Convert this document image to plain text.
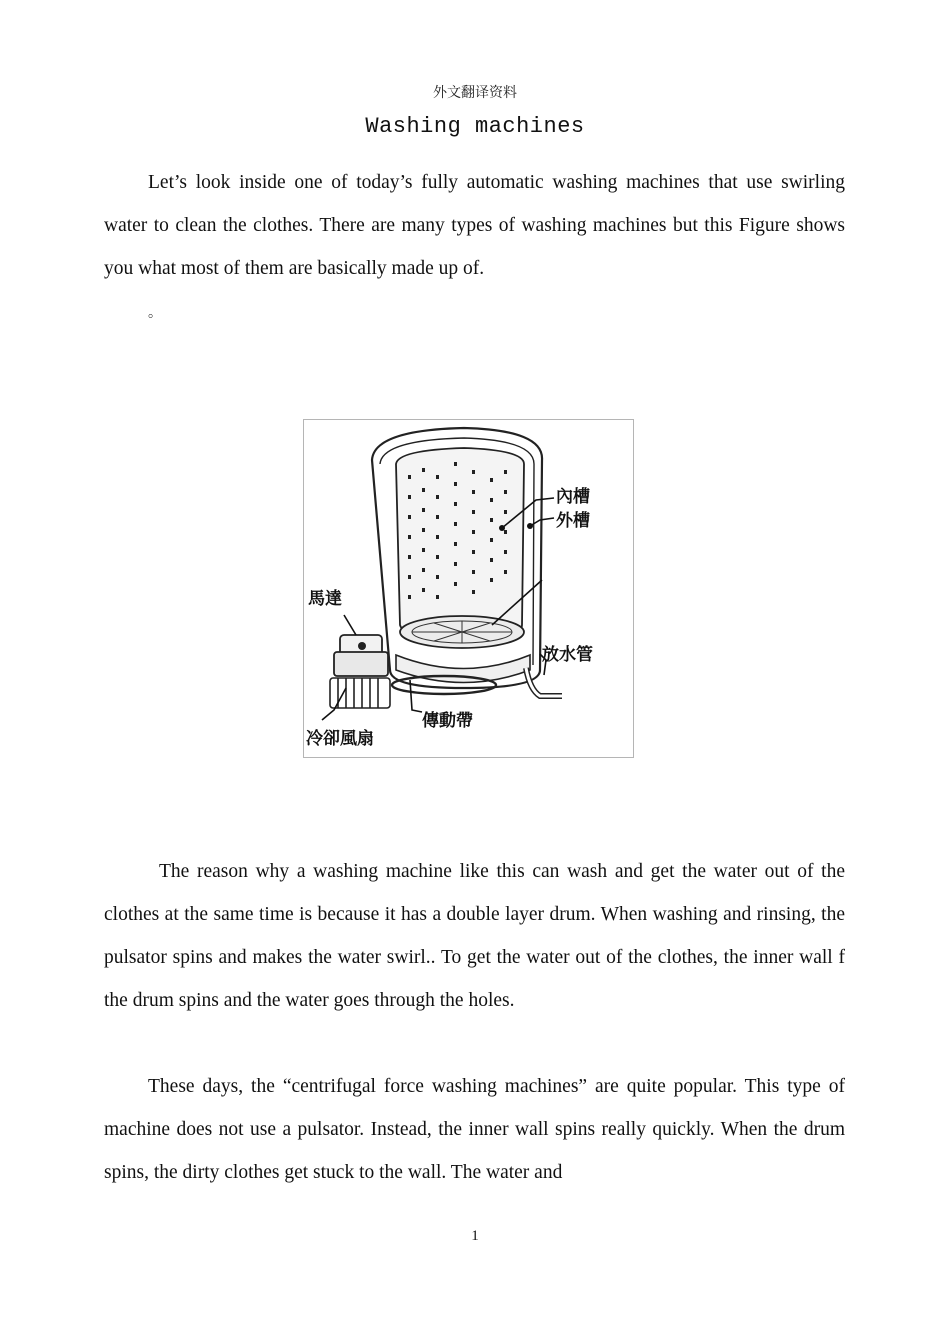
外文翻译资料
Washing machines

Let’s look inside one of today’s fully automatic washing machines that use swirling water to clean the clothes. There are many types of washing machines but this Figure shows you what most of them are basically made up of.

。
內槽
外槽
馬達
放水管
傳動帶
冷卻風扇

The reason why a washing machine like this can wash and get the water out of the clothes at the same time is because it has a double layer drum. When washing and rinsing, the pulsator spins and makes the water swirl.. To get the water out of the clothes, the inner wall f the drum spins and the water goes through the holes.

These days, the “centrifugal force washing machines” are quite popular. This type of machine does not use a pulsator. Instead, the inner wall spins really quickly. When the drum spins, the dirty clothes get stuck to the wall. The water and

1
